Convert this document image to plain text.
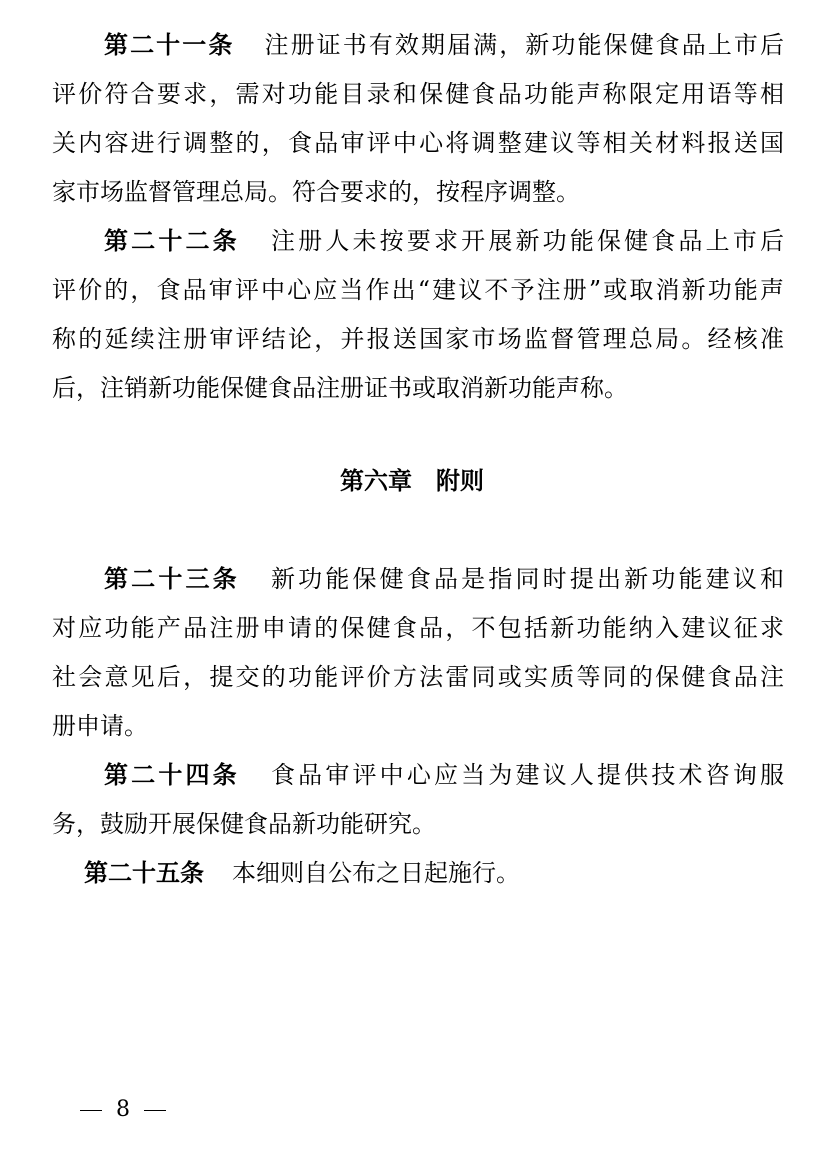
第二十一条 注册证书有效期届满，新功能保健食品上市后
评价符合要求，需对功能目录和保健食品功能声称限定用语等相
关内容进行调整的，食品审评中心将调整建议等相关材料报送国
家市场监督管理总局。符合要求的，按程序调整。
第二十二条 注册人未按要求开展新功能保健食品上市后
评价的，食品审评中心应当作出“建议不予注册”或取消新功能声
称的延续注册审评结论，并报送国家市场监督管理总局。经核准
后，注销新功能保健食品注册证书或取消新功能声称。
第六章 附则
第二十三条 新功能保健食品是指同时提出新功能建议和
对应功能产品注册申请的保健食品，不包括新功能纳入建议征求
社会意见后，提交的功能评价方法雷同或实质等同的保健食品注
册申请。
第二十四条 食品审评中心应当为建议人提供技术咨询服
务，鼓励开展保健食品新功能研究。
第二十五条 本细则自公布之日起施行。
8
